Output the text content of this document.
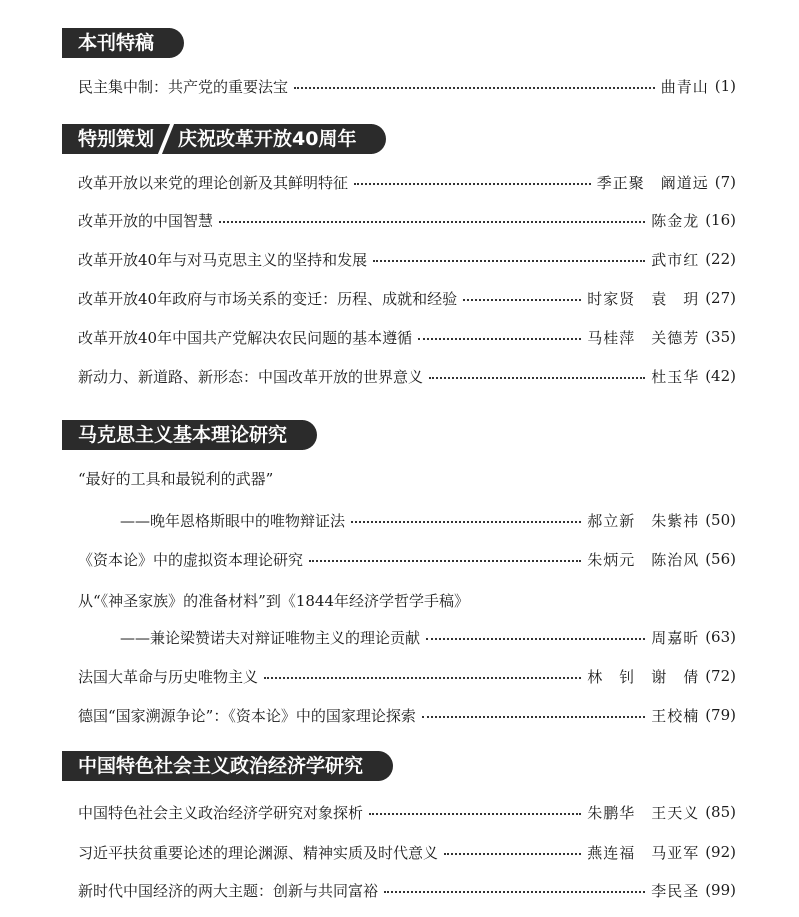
本刊特稿
民主集中制：共产党的重要法宝	曲青山 (1)
特别策划 庆祝改革开放40周年
改革开放以来党的理论创新及其鲜明特征	季正聚　阚道远 (7)
改革开放的中国智慧	陈金龙 (16)
改革开放40年与对马克思主义的坚持和发展	武市红 (22)
改革开放40年政府与市场关系的变迁：历程、成就和经验	时家贤　袁　玥 (27)
改革开放40年中国共产党解决农民问题的基本遵循	马桂萍　关德芳 (35)
新动力、新道路、新形态：中国改革开放的世界意义	杜玉华 (42)
马克思主义基本理论研究
“最好的工具和最锐利的武器”
——晚年恩格斯眼中的唯物辩证法	郝立新　朱紫祎 (50)
《资本论》中的虚拟资本理论研究	朱炳元　陈治风 (56)
从“《神圣家族》的准备材料”到《1844年经济学哲学手稿》
——兼论梁赞诺夫对辩证唯物主义的理论贡献	周嘉昕 (63)
法国大革命与历史唯物主义	林　钊　谢　倩 (72)
德国“国家溯源争论”：《资本论》中的国家理论探索	王校楠 (79)
中国特色社会主义政治经济学研究
中国特色社会主义政治经济学研究对象探析	朱鹏华　王天义 (85)
习近平扶贫重要论述的理论渊源、精神实质及时代意义	燕连福　马亚军 (92)
新时代中国经济的两大主题：创新与共同富裕	李民圣 (99)
